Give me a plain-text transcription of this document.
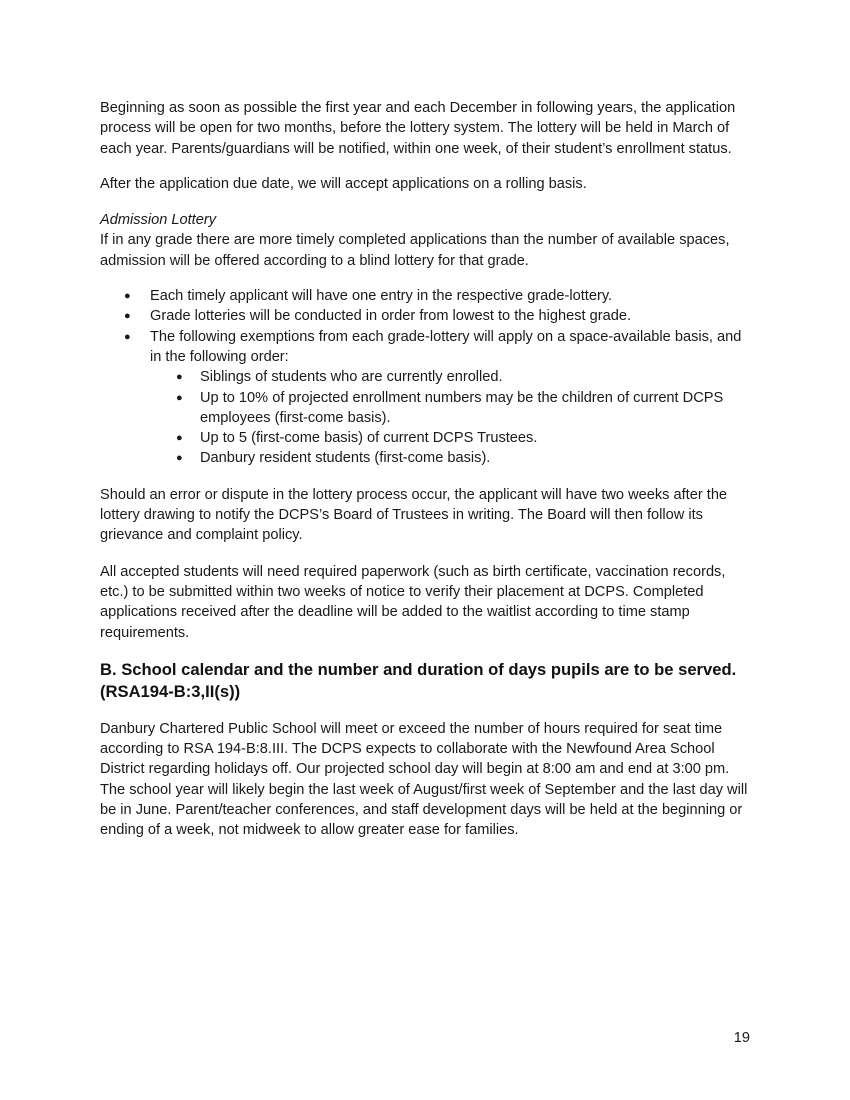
Beginning as soon as possible the first year and each December in following years, the application process will be open for two months, before the lottery system. The lottery will be held in March of each year. Parents/guardians will be notified, within one week, of their student’s enrollment status.

After the application due date, we will accept applications on a rolling basis.

Admission Lottery
If in any grade there are more timely completed applications than the number of available spaces, admission will be offered according to a blind lottery for that grade.

● Each timely applicant will have one entry in the respective grade-lottery.
● Grade lotteries will be conducted in order from lowest to the highest grade.
● The following exemptions from each grade-lottery will apply on a space-available basis, and in the following order:
● Siblings of students who are currently enrolled.
● Up to 10% of projected enrollment numbers may be the children of current DCPS employees (first-come basis).
● Up to 5 (first-come basis) of current DCPS Trustees.
● Danbury resident students (first-come basis).

Should an error or dispute in the lottery process occur, the applicant will have two weeks after the lottery drawing to notify the DCPS’s Board of Trustees in writing. The Board will then follow its grievance and complaint policy.

All accepted students will need required paperwork (such as birth certificate, vaccination records, etc.) to be submitted within two weeks of notice to verify their placement at DCPS. Completed applications received after the deadline will be added to the waitlist according to time stamp requirements.

B. School calendar and the number and duration of days pupils are to be served. (RSA194-B:3,II(s))

Danbury Chartered Public School will meet or exceed the number of hours required for seat time according to RSA 194-B:8.III. The DCPS expects to collaborate with the Newfound Area School District regarding holidays off. Our projected school day will begin at 8:00 am and end at 3:00 pm. The school year will likely begin the last week of August/first week of September and the last day will be in June. Parent/teacher conferences, and staff development days will be held at the beginning or ending of a week, not midweek to allow greater ease for families.

19
